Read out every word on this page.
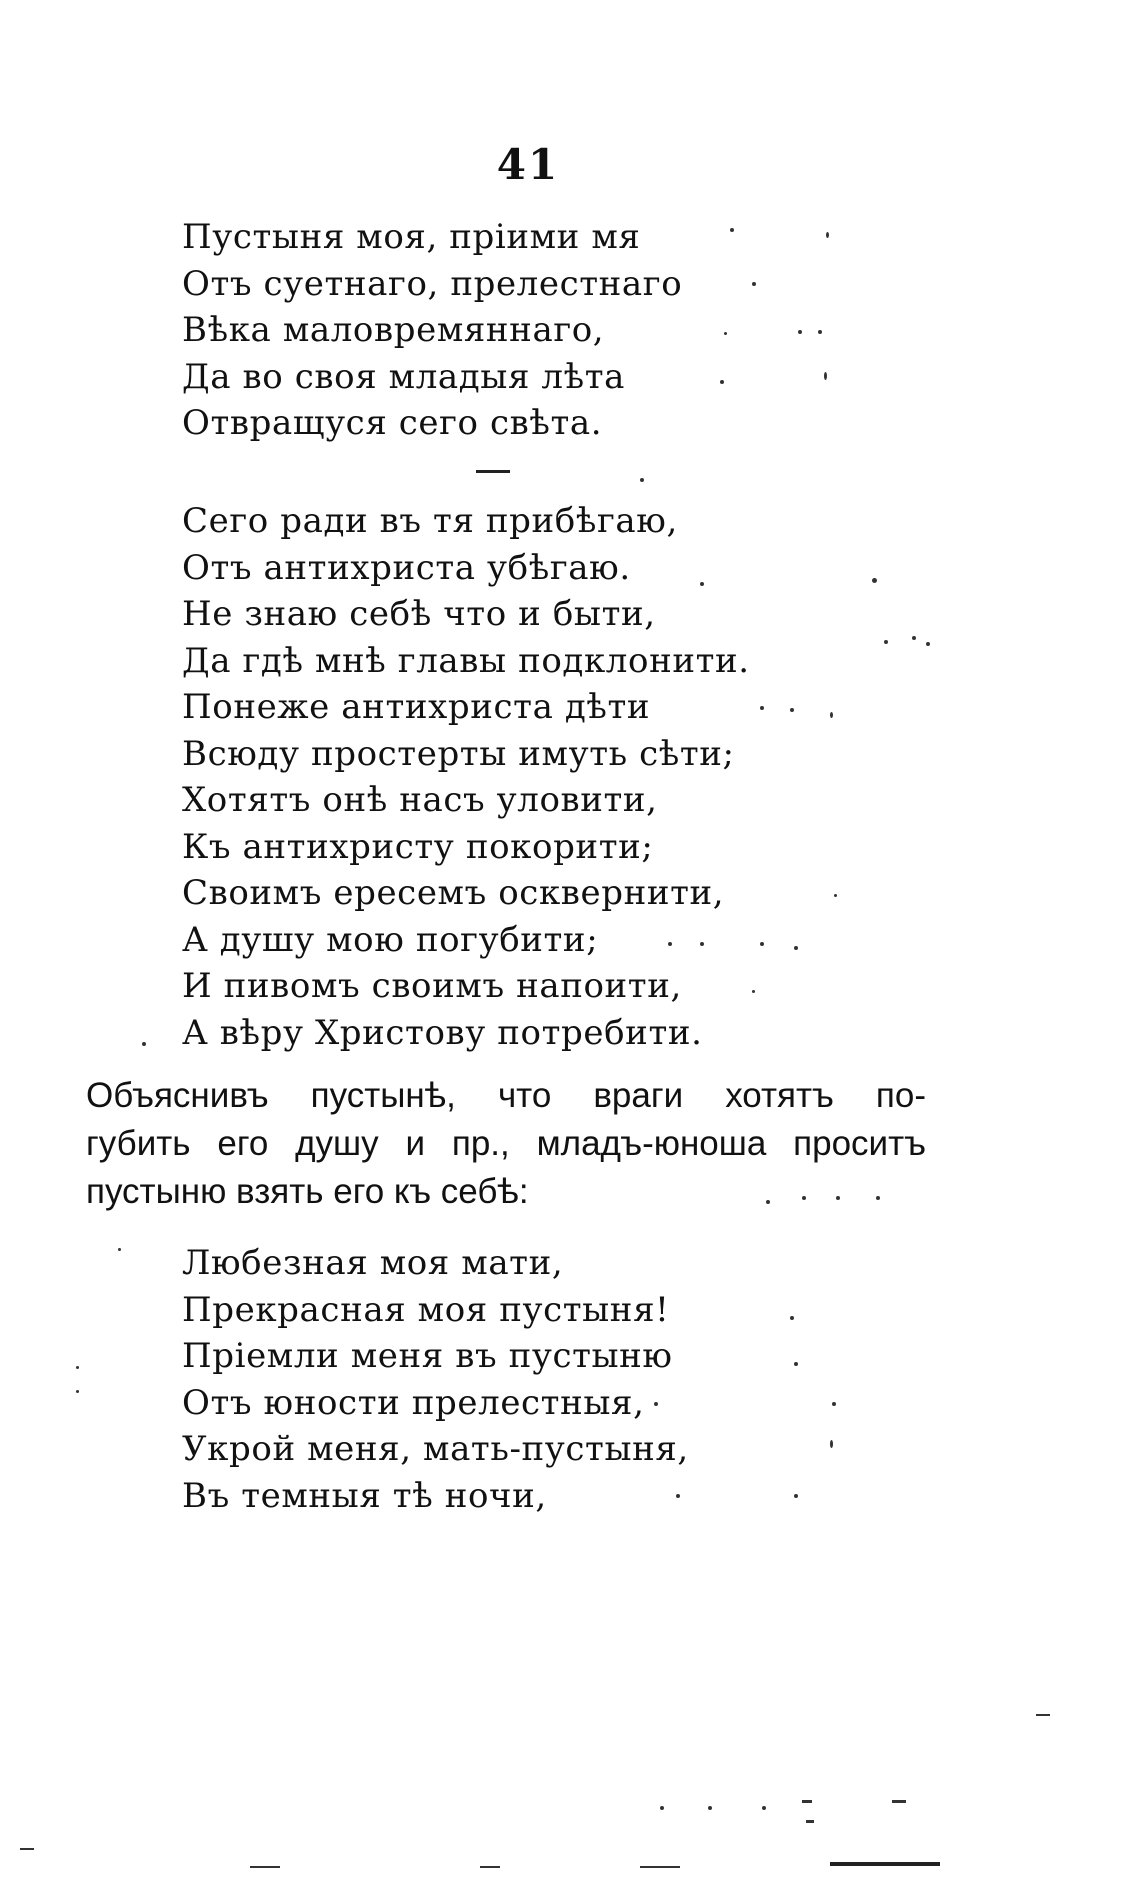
41
Пустыня моя, пріими мя
Отъ суетнаго, прелестнаго
Вѣка маловремяннаго,
Да во своя младыя лѣта
Отвращуся сего свѣта.
Сего ради въ тя прибѣгаю,
Отъ антихриста убѣгаю.
Не знаю себѣ что и быти,
Да гдѣ мнѣ главы подклонити.
Понеже антихриста дѣти
Всюду простерты имуть сѣти;
Хотятъ онѣ насъ уловити,
Къ антихристу покорити;
Своимъ ересемъ осквернити,
А душу мою погубити;
И пивомъ своимъ напоити,
А вѣру Христову потребити.

Объяснивъ пустынѣ, что враги хотятъ по-
губить его душу и пр., младъ-юноша проситъ
пустыню взять его къ себѣ:

Любезная моя мати,
Прекрасная моя пустыня!
Пріемли меня въ пустыню
Отъ юности прелестныя,
Укрой меня, мать-пустыня,
Въ темныя тѣ ночи,
